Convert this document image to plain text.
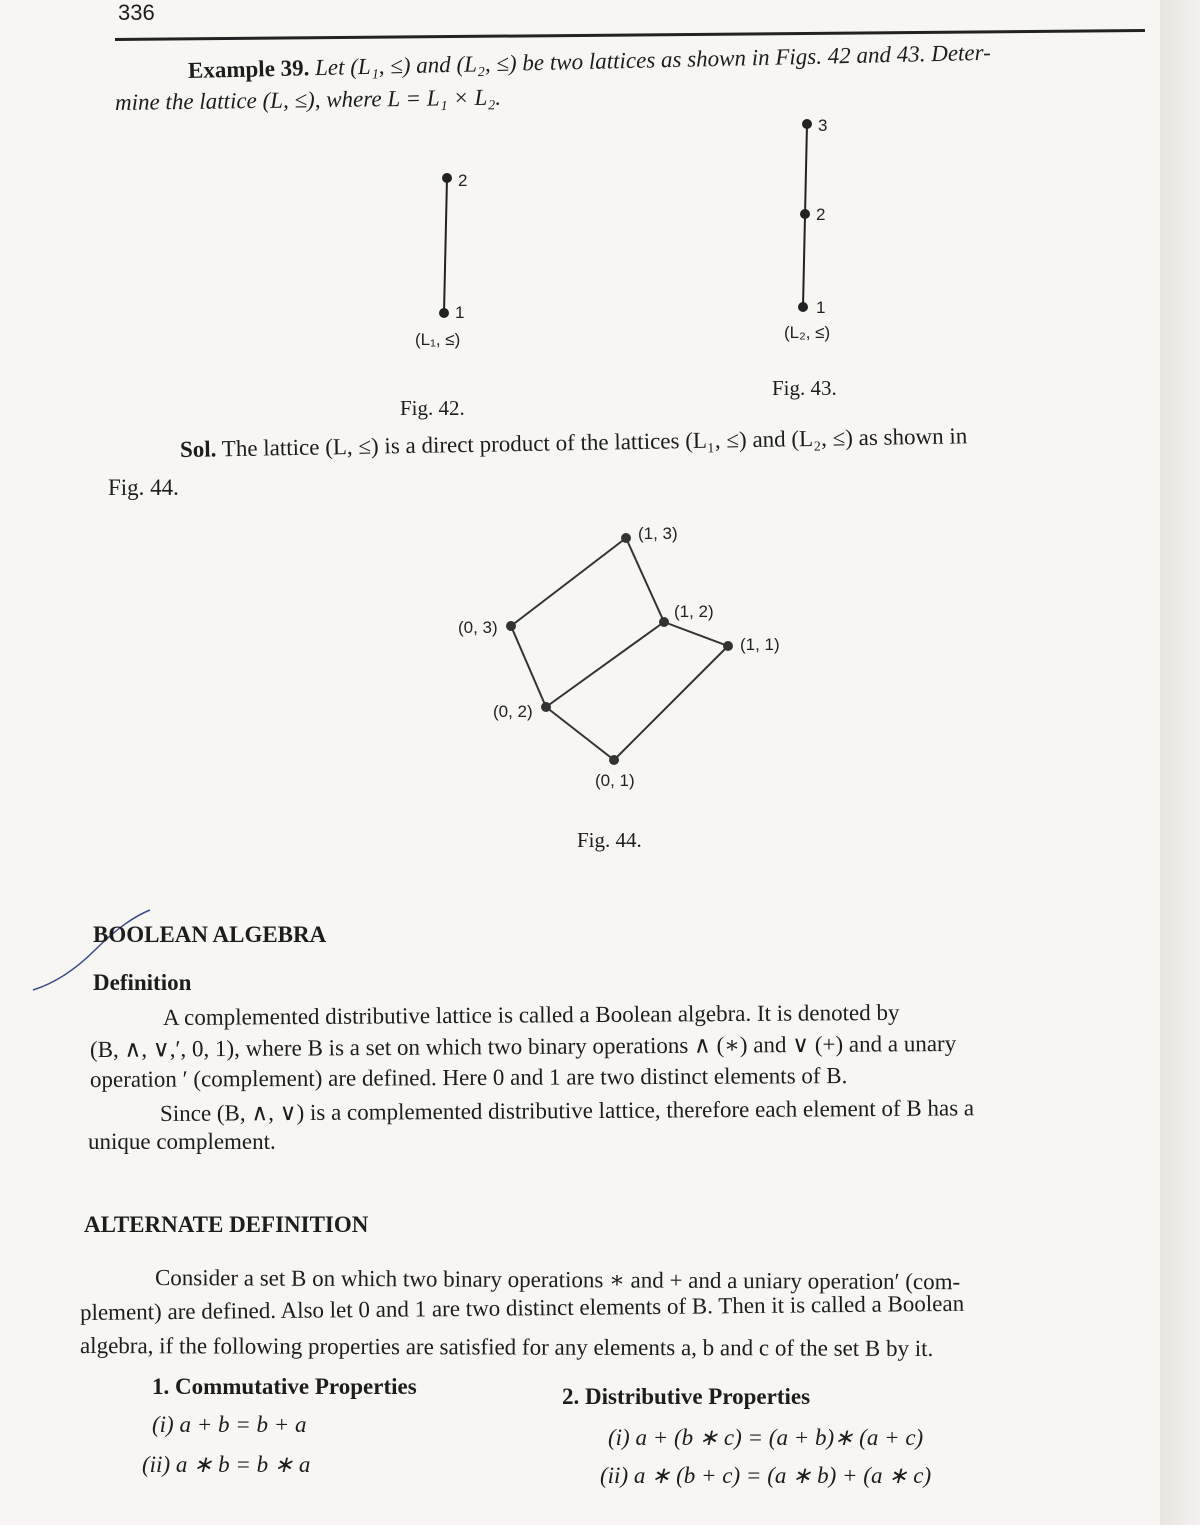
336
Example 39. Let (L₁, ≤) and (L₂, ≤) be two lattices as shown in Figs. 42 and 43. Deter-
mine the lattice (L, ≤), where L = L₁ × L₂.
2
1
(L₁, ≤)
3
2
1
(L₂, ≤)
Fig. 43.
Fig. 42.
Sol. The lattice (L, ≤) is a direct product of the lattices (L₁, ≤) and (L₂, ≤) as shown in
Fig. 44.
(1, 3)
(0, 3)
(1, 2)
(1, 1)
(0, 2)
(0, 1)
Fig. 44.
BOOLEAN ALGEBRA
Definition
A complemented distributive lattice is called a Boolean algebra. It is denoted by
(B, ∧, ∨,′, 0, 1), where B is a set on which two binary operations ∧ (∗) and ∨ (+) and a unary
operation ′ (complement) are defined. Here 0 and 1 are two distinct elements of B.
Since (B, ∧, ∨) is a complemented distributive lattice, therefore each element of B has a
unique complement.
ALTERNATE DEFINITION
Consider a set B on which two binary operations ∗ and + and a uniary operation′ (com-
plement) are defined. Also let 0 and 1 are two distinct elements of B. Then it is called a Boolean
algebra, if the following properties are satisfied for any elements a, b and c of the set B by it.
1. Commutative Properties
(i) a + b = b + a
(ii) a ∗ b = b ∗ a
2. Distributive Properties
(i) a + (b ∗ c) = (a + b)∗ (a + c)
(ii) a ∗ (b + c) = (a ∗ b) + (a ∗ c)
